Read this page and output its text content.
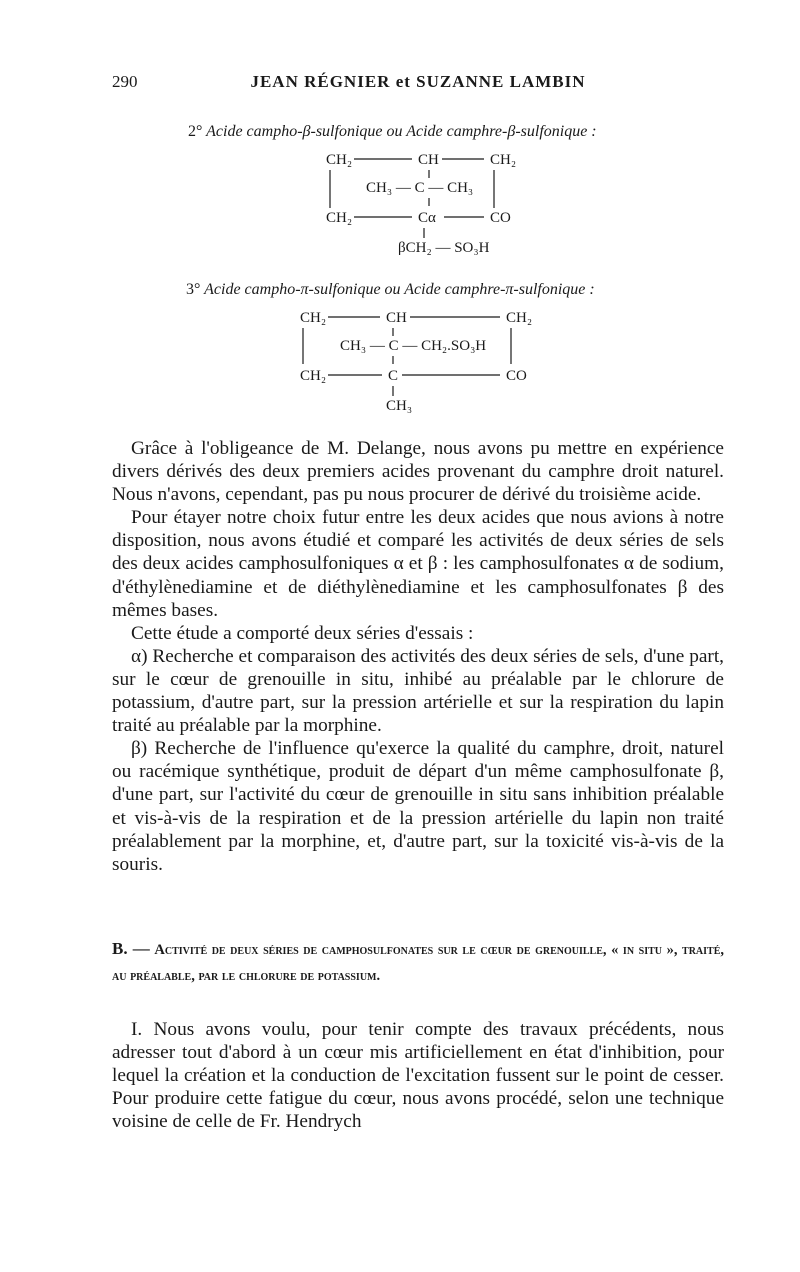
290	JEAN RÉGNIER et SUZANNE LAMBIN
2° Acide campho-β-sulfonique ou Acide camphre-β-sulfonique :
CH₂	CH	CH₂
CH₃ — C — CH₃
CH₂	Cα	CO
βCH₂ — SO₃H
3° Acide campho-π-sulfonique ou Acide camphre-π-sulfonique :
CH₂	CH	CH₂
CH₃ — C — CH₂.SO₃H
CH₂	C	CO
CH₃

Grâce à l'obligeance de M. Delange, nous avons pu mettre en expérience divers dérivés des deux premiers acides provenant du camphre droit naturel. Nous n'avons, cependant, pas pu nous procurer de dérivé du troisième acide.

Pour étayer notre choix futur entre les deux acides que nous avions à notre disposition, nous avons étudié et comparé les activités de deux séries de sels des deux acides camphosulfoniques α et β : les camphosulfonates α de sodium, d'éthylènediamine et de diéthylènediamine et les camphosulfonates β des mêmes bases.

Cette étude a comporté deux séries d'essais :

α) Recherche et comparaison des activités des deux séries de sels, d'une part, sur le cœur de grenouille in situ, inhibé au préalable par le chlorure de potassium, d'autre part, sur la pression artérielle et sur la respiration du lapin traité au préalable par la morphine.

β) Recherche de l'influence qu'exerce la qualité du camphre, droit, naturel ou racémique synthétique, produit de départ d'un même camphosulfonate β, d'une part, sur l'activité du cœur de grenouille in situ sans inhibition préalable et vis-à-vis de la respiration et de la pression artérielle du lapin non traité préalablement par la morphine, et, d'autre part, sur la toxicité vis-à-vis de la souris.

B. — Activité de deux séries de camphosulfonates sur le cœur de grenouille, « in situ », traité, au préalable, par le chlorure de potassium.

I. Nous avons voulu, pour tenir compte des travaux précédents, nous adresser tout d'abord à un cœur mis artificiellement en état d'inhibition, pour lequel la création et la conduction de l'excitation fussent sur le point de cesser. Pour produire cette fatigue du cœur, nous avons procédé, selon une technique voisine de celle de Fr. Hendrych
